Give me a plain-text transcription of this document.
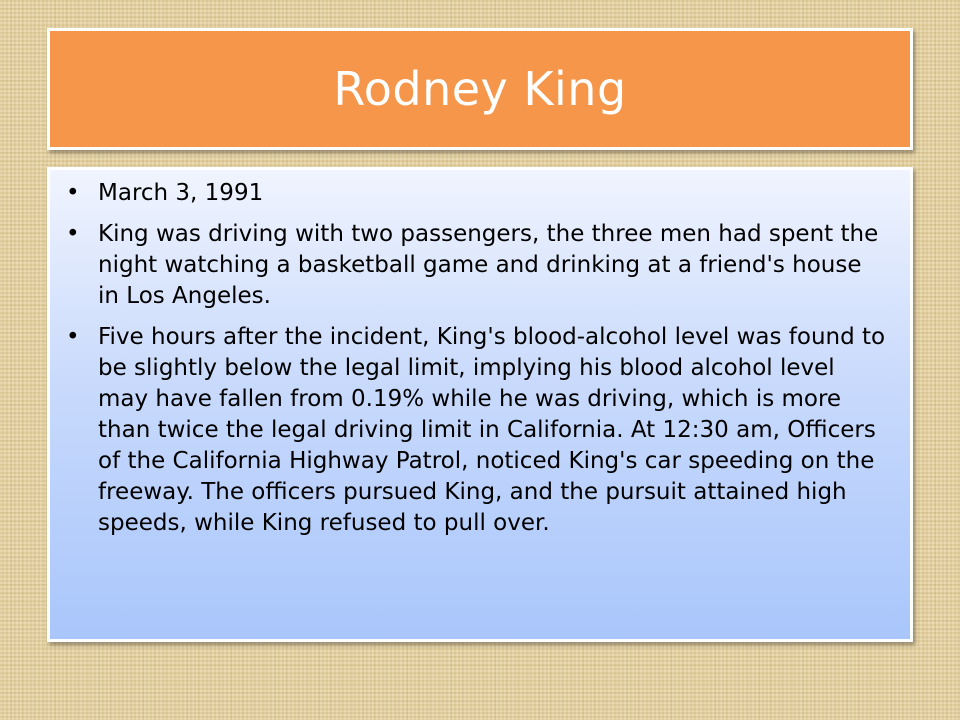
Rodney King
• March 3, 1991
• King was driving with two passengers, the three men had spent the night watching a basketball game and drinking at a friend's house in Los Angeles.
• Five hours after the incident, King's blood-alcohol level was found to be slightly below the legal limit, implying his blood alcohol level may have fallen from 0.19% while he was driving, which is more than twice the legal driving limit in California. At 12:30 am, Officers of the California Highway Patrol, noticed King's car speeding on the freeway. The officers pursued King, and the pursuit attained high speeds, while King refused to pull over.
